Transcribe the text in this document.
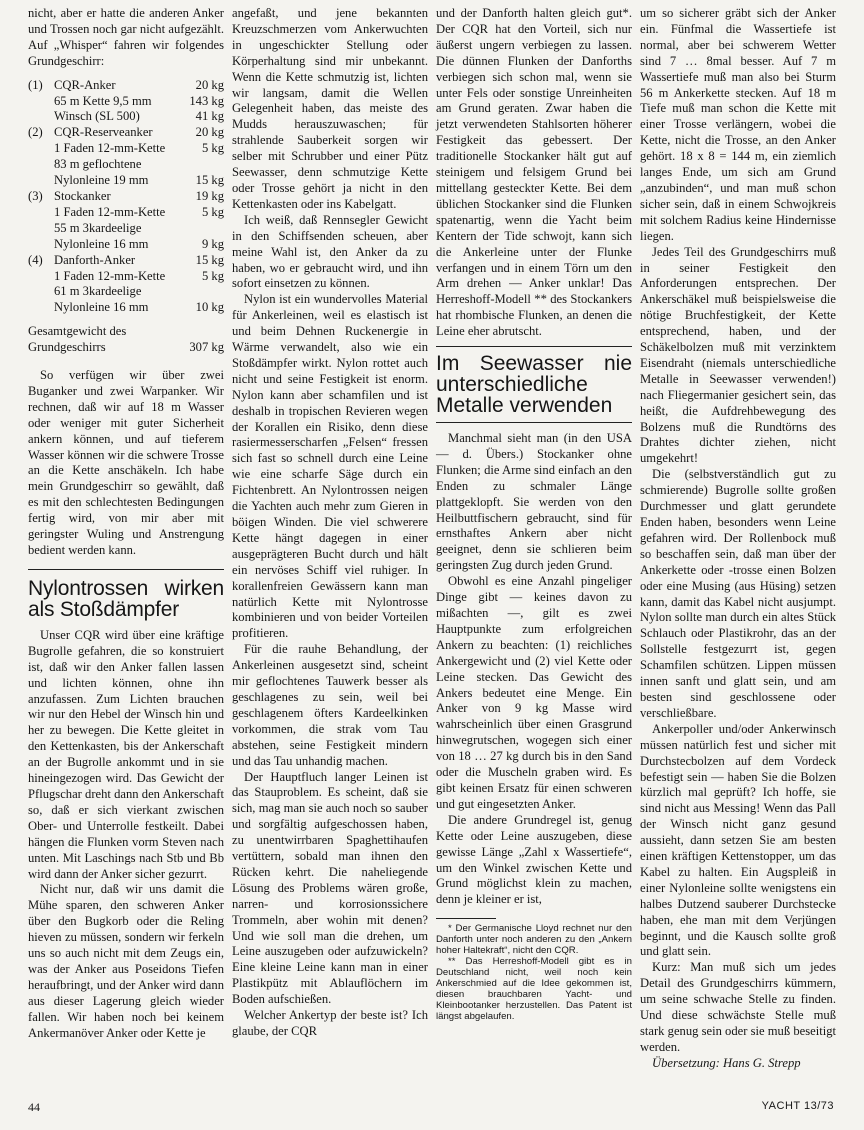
nicht, aber er hatte die anderen Anker und Trossen noch gar nicht aufgezählt. Auf „Whisper“ fahren wir folgendes Grundgeschirr:

(1) CQR-Anker	20 kg
65 m Kette 9,5 mm	143 kg
Winsch (SL 500)	41 kg
(2) CQR-Reserveanker	20 kg
1 Faden 12-mm-Kette	5 kg
83 m geflochtene
Nylonleine 19 mm	15 kg
(3) Stockanker	19 kg
1 Faden 12-mm-Kette	5 kg
55 m 3kardeelige
Nylonleine 16 mm	9 kg
(4) Danforth-Anker	15 kg
1 Faden 12-mm-Kette	5 kg
61 m 3kardeelige
Nylonleine 16 mm	10 kg
Gesamtgewicht des
Grundgeschirrs	307 kg

So verfügen wir über zwei Buganker und zwei Warpanker. Wir rechnen, daß wir auf 18 m Wasser oder weniger mit guter Sicherheit ankern können, und auf tieferem Wasser können wir die schwere Trosse an die Kette anschäkeln. Ich habe mein Grundgeschirr so gewählt, daß es mit den schlechtesten Bedingungen fertig wird, von mir aber mit geringster Wuling und Anstrengung bedient werden kann.

Nylontrossen wirken als Stoßdämpfer

Unser CQR wird über eine kräftige Bugrolle gefahren, die so konstruiert ist, daß wir den Anker fallen lassen und lichten können, ohne ihn anzufassen. Zum Lichten brauchen wir nur den Hebel der Winsch hin und her zu bewegen. Die Kette gleitet in den Kettenkasten, bis der Ankerschaft an der Bugrolle ankommt und in sie hineingezogen wird. Das Gewicht der Pflugschar dreht dann den Ankerschaft so, daß er sich vierkant zwischen Ober- und Unterrolle festkeilt. Dabei hängen die Flunken vorm Steven nach unten. Mit Laschings nach Stb und Bb wird dann der Anker sicher gezurrt.

Nicht nur, daß wir uns damit die Mühe sparen, den schweren Anker über den Bugkorb oder die Reling hieven zu müssen, sondern wir ferkeln uns so auch nicht mit dem Zeugs ein, was der Anker aus Poseidons Tiefen heraufbringt, und der Anker wird dann aus dieser Lagerung gleich wieder fallen. Wir haben noch bei keinem Ankermanöver Anker oder Kette je

angefaßt, und jene bekannten Kreuzschmerzen vom Ankerwuchten in ungeschickter Stellung oder Körperhaltung sind mir unbekannt. Wenn die Kette schmutzig ist, lichten wir langsam, damit die Wellen Gelegenheit haben, das meiste des Mudds herauszuwaschen; für strahlende Sauberkeit sorgen wir selber mit Schrubber und einer Pütz Seewasser, denn schmutzige Kette oder Trosse gehört ja nicht in den Kettenkasten oder ins Kabelgatt.

Ich weiß, daß Rennsegler Gewicht in den Schiffsenden scheuen, aber meine Wahl ist, den Anker da zu haben, wo er gebraucht wird, und ihn sofort einsetzen zu können.

Nylon ist ein wundervolles Material für Ankerleinen, weil es elastisch ist und beim Dehnen Ruckenergie in Wärme verwandelt, also wie ein Stoßdämpfer wirkt. Nylon rottet auch nicht und seine Festigkeit ist enorm. Nylon kann aber schamfilen und ist deshalb in tropischen Revieren wegen der Korallen ein Risiko, denn diese rasiermesserscharfen „Felsen“ fressen sich fast so schnell durch eine Leine wie eine scharfe Säge durch ein Fichtenbrett. An Nylontrossen neigen die Yachten auch mehr zum Gieren in böigen Winden. Die viel schwerere Kette hängt dagegen in einer ausgeprägteren Bucht durch und hält ein nervöses Schiff viel ruhiger. In korallenfreien Gewässern kann man natürlich Kette mit Nylontrosse kombinieren und von beider Vorteilen profitieren.

Für die rauhe Behandlung, der Ankerleinen ausgesetzt sind, scheint mir geflochtenes Tauwerk besser als geschlagenes zu sein, weil bei geschlagenem öfters Kardeelkinken vorkommen, die strak vom Tau abstehen, seine Festigkeit mindern und das Tau unhandig machen.

Der Hauptfluch langer Leinen ist das Stauproblem. Es scheint, daß sie sich, mag man sie auch noch so sauber und sorgfältig aufgeschossen haben, zu unentwirrbaren Spaghettihaufen vertüttern, sobald man ihnen den Rücken kehrt. Die naheliegende Lösung des Problems wären große, narren- und korrosionssichere Trommeln, aber wohin mit denen? Und wie soll man die drehen, um Leine auszugeben oder aufzuwickeln? Eine kleine Leine kann man in einer Plastikpütz mit Ablauflöchern im Boden aufschießen.

Welcher Ankertyp der beste ist? Ich glaube, der CQR

und der Danforth halten gleich gut*. Der CQR hat den Vorteil, sich nur äußerst ungern verbiegen zu lassen. Die dünnen Flunken der Danforths verbiegen sich schon mal, wenn sie unter Fels oder sonstige Unreinheiten am Grund geraten. Zwar haben die jetzt verwendeten Stahlsorten höherer Festigkeit das gebessert. Der traditionelle Stockanker hält gut auf steinigem und felsigem Grund bei mittellang gesteckter Kette. Bei dem üblichen Stockanker sind die Flunken spatenartig, wenn die Yacht beim Kentern der Tide schwojt, kann sich die Ankerleine unter der Flunke verfangen und in einem Törn um den Arm drehen — Anker unklar! Das Herreshoff-Modell ** des Stockankers hat rhombische Flunken, an denen die Leine eher abrutscht.

Im Seewasser nie unterschiedliche Metalle verwenden

Manchmal sieht man (in den USA — d. Übers.) Stockanker ohne Flunken; die Arme sind einfach an den Enden zu schmaler Länge plattgeklopft. Sie werden von den Heilbuttfischern gebraucht, sind für ernsthaftes Ankern aber nicht geeignet, denn sie schlieren beim geringsten Zug durch jeden Grund.

Obwohl es eine Anzahl pingeliger Dinge gibt — keines davon zu mißachten —, gilt es zwei Hauptpunkte zum erfolgreichen Ankern zu beachten: (1) reichliches Ankergewicht und (2) viel Kette oder Leine stecken. Das Gewicht des Ankers bedeutet eine Menge. Ein Anker von 9 kg Masse wird wahrscheinlich über einen Grasgrund hinwegrutschen, wogegen sich einer von 18 … 27 kg durch bis in den Sand oder die Muscheln graben wird. Es gibt keinen Ersatz für einen schweren und gut eingesetzten Anker.

Die andere Grundregel ist, genug Kette oder Leine auszugeben, diese gewisse Länge „Zahl x Wassertiefe“, um den Winkel zwischen Kette und Grund möglichst klein zu machen, denn je kleiner er ist,

* Der Germanische Lloyd rechnet nur den Danforth unter noch anderen zu den „Ankern hoher Haltekraft“, nicht den CQR.

** Das Herreshoff-Modell gibt es in Deutschland nicht, weil noch kein Ankerschmied auf die Idee gekommen ist, diesen brauchbaren Yacht- und Kleinbootanker herzustellen. Das Patent ist längst abgelaufen.

um so sicherer gräbt sich der Anker ein. Fünfmal die Wassertiefe ist normal, aber bei schwerem Wetter sind 7 … 8mal besser. Auf 7 m Wassertiefe muß man also bei Sturm 56 m Ankerkette stecken. Auf 18 m Tiefe muß man schon die Kette mit einer Trosse verlängern, wobei die Kette, nicht die Trosse, an den Anker gehört. 18 x 8 = 144 m, ein ziemlich langes Ende, um sich am Grund „anzubinden“, und man muß schon sicher sein, daß in einem Schwojkreis mit solchem Radius keine Hindernisse liegen.

Jedes Teil des Grundgeschirrs muß in seiner Festigkeit den Anforderungen entsprechen. Der Ankerschäkel muß beispielsweise die nötige Bruchfestigkeit, der Kette entsprechend, haben, und der Schäkelbolzen muß mit verzinktem Eisendraht (niemals unterschiedliche Metalle in Seewasser verwenden!) nach Fliegermanier gesichert sein, das heißt, die Aufdrehbewegung des Bolzens muß die Rundtörns des Drahtes dichter ziehen, nicht umgekehrt!

Die (selbstverständlich gut zu schmierende) Bugrolle sollte großen Durchmesser und glatt gerundete Enden haben, besonders wenn Leine gefahren wird. Der Rollenbock muß so beschaffen sein, daß man über der Ankerkette oder -trosse einen Bolzen oder eine Musing (aus Hüsing) setzen kann, damit das Kabel nicht ausjumpt. Nylon sollte man durch ein altes Stück Schlauch oder Plastikrohr, das an der Sollstelle festgezurrt ist, gegen Schamfilen schützen. Lippen müssen innen sanft und glatt sein, und am besten sind geschlossene oder verschließbare.

Ankerpoller und/oder Ankerwinsch müssen natürlich fest und sicher mit Durchstecbolzen auf dem Vordeck befestigt sein — haben Sie die Bolzen kürzlich mal geprüft? Ich hoffe, sie sind nicht aus Messing! Wenn das Pall der Winsch nicht ganz gesund aussieht, dann setzen Sie am besten einen kräftigen Kettenstopper, um das Kabel zu halten. Ein Augspleiß in einer Nylonleine sollte wenigstens ein halbes Dutzend sauberer Durchstecke haben, ehe man mit dem Verjüngen beginnt, und die Kausch sollte groß und glatt sein.

Kurz: Man muß sich um jedes Detail des Grundgeschirrs kümmern, um seine schwache Stelle zu finden. Und diese schwächste Stelle muß stark genug sein oder sie muß beseitigt werden.

Übersetzung: Hans G. Strepp

44	YACHT 13/73
